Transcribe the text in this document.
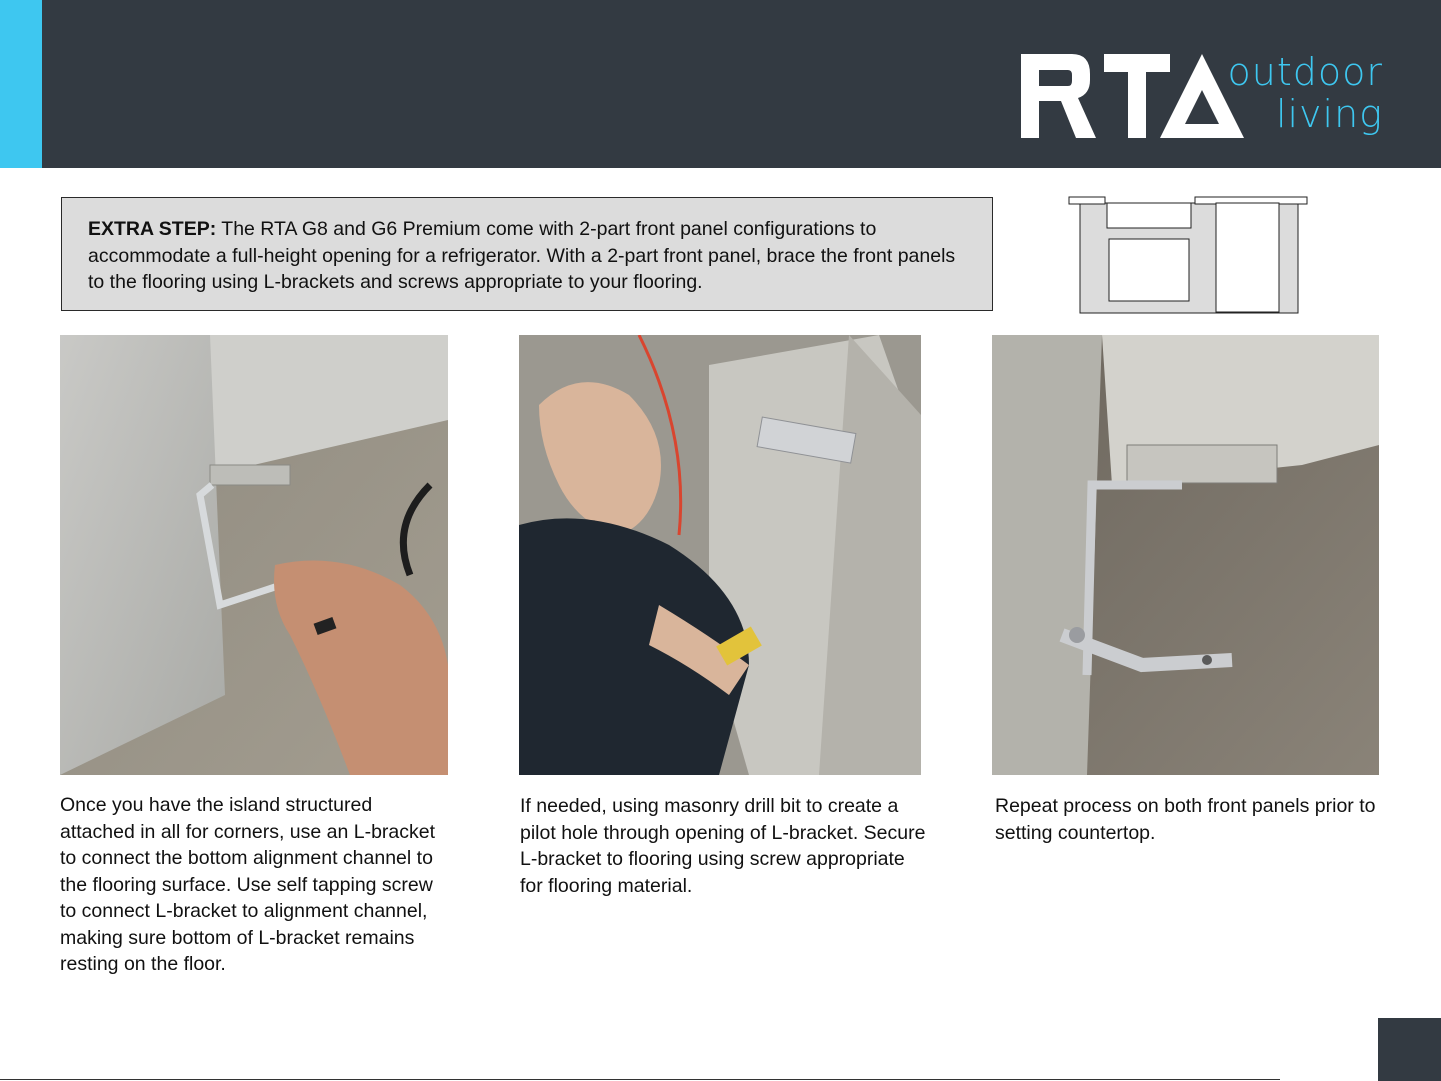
outdoor
living
EXTRA STEP: The RTA G8 and G6 Premium come with 2-part front panel configurations to accommodate a full-height opening for a refrigerator. With a 2-part front panel, brace the front panels to the flooring using L-brackets and screws appropriate to your flooring.
Once you have the island structured attached in all for corners, use an L-bracket to connect the bottom alignment channel to the flooring surface. Use self tapping screw to connect L-bracket to alignment channel, making sure bottom of L-bracket remains resting on the floor.
If needed, using masonry drill bit to create a pilot hole through opening of L-bracket. Secure L-bracket to flooring using screw appropriate for flooring material.
Repeat process on both front panels prior to setting countertop.
